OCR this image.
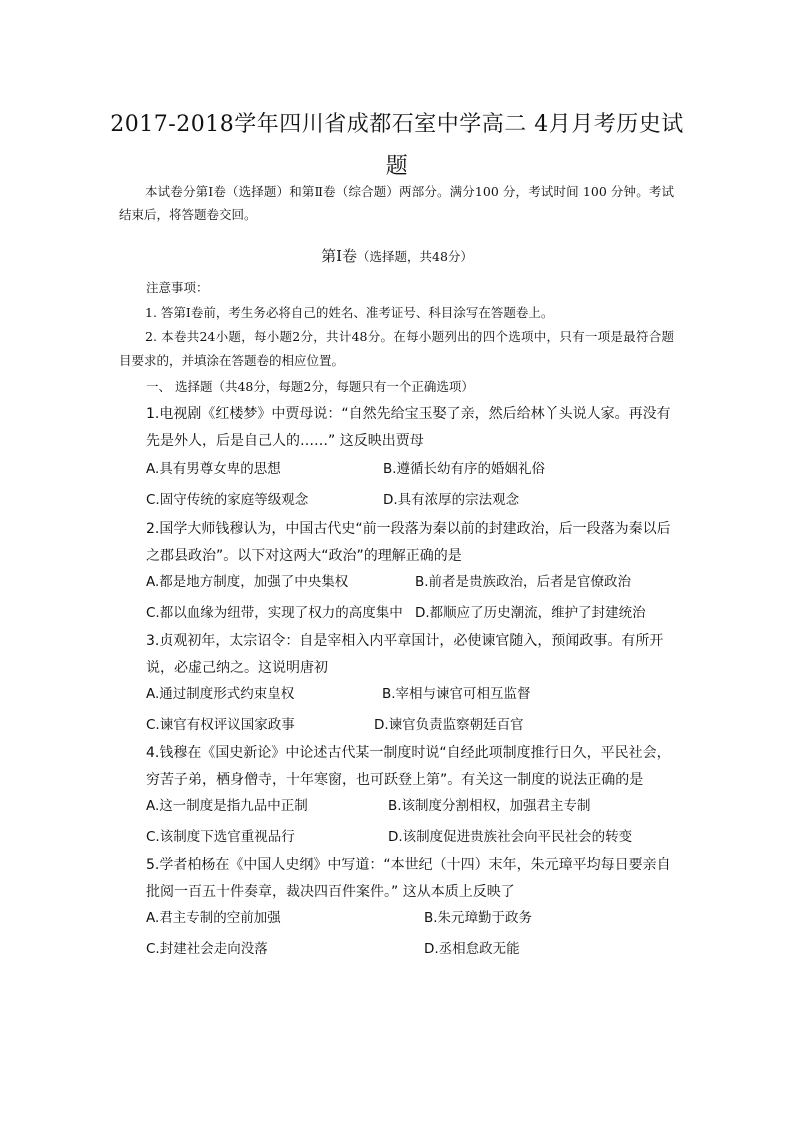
2017-2018学年四川省成都石室中学高二 4月月考历史试
题
本试卷分第Ⅰ卷（选择题）和第Ⅱ卷（综合题）两部分。满分100 分，考试时间 100 分钟。考试结束后，将答题卷交回。
第Ⅰ卷（选择题，共48分）
注意事项：
1. 答第Ⅰ卷前，考生务必将自己的姓名、准考证号、科目涂写在答题卷上。
2. 本卷共24小题，每小题2分，共计48分。在每小题列出的四个选项中，只有一项是最符合题目要求的，并填涂在答题卷的相应位置。
一、 选择题（共48分，每题2分，每题只有一个正确选项）
1.电视剧《红楼梦》中贾母说：“自然先给宝玉娶了亲，然后给林丫头说人家。再没有先是外人，后是自己人的……” 这反映出贾母
A.具有男尊女卑的思想	B.遵循长幼有序的婚姻礼俗
C.固守传统的家庭等级观念	D.具有浓厚的宗法观念
2.国学大师钱穆认为，中国古代史“前一段落为秦以前的封建政治，后一段落为秦以后之郡县政治”。以下对这两大“政治”的理解正确的是
A.都是地方制度，加强了中央集权	B.前者是贵族政治，后者是官僚政治
C.都以血缘为纽带，实现了权力的高度集中 D.都顺应了历史潮流，维护了封建统治
3.贞观初年，太宗诏令：自是宰相入内平章国计，必使谏官随入，预闻政事。有所开说，必虚己纳之。这说明唐初
A.通过制度形式约束皇权	B.宰相与谏官可相互监督
C.谏官有权评议国家政事	D.谏官负责监察朝廷百官
4.钱穆在《国史新论》中论述古代某一制度时说“自经此项制度推行日久，平民社会，穷苦子弟，栖身僧寺，十年寒窗，也可跃登上第”。有关这一制度的说法正确的是
A.这一制度是指九品中正制	B.该制度分割相权，加强君主专制
C.该制度下选官重视品行	D.该制度促进贵族社会向平民社会的转变
5.学者柏杨在《中国人史纲》中写道：“本世纪（十四）末年，朱元璋平均每日要亲自批阅一百五十件奏章，裁决四百件案件。” 这从本质上反映了
A.君主专制的空前加强	B.朱元璋勤于政务
C.封建社会走向没落	D.丞相怠政无能
